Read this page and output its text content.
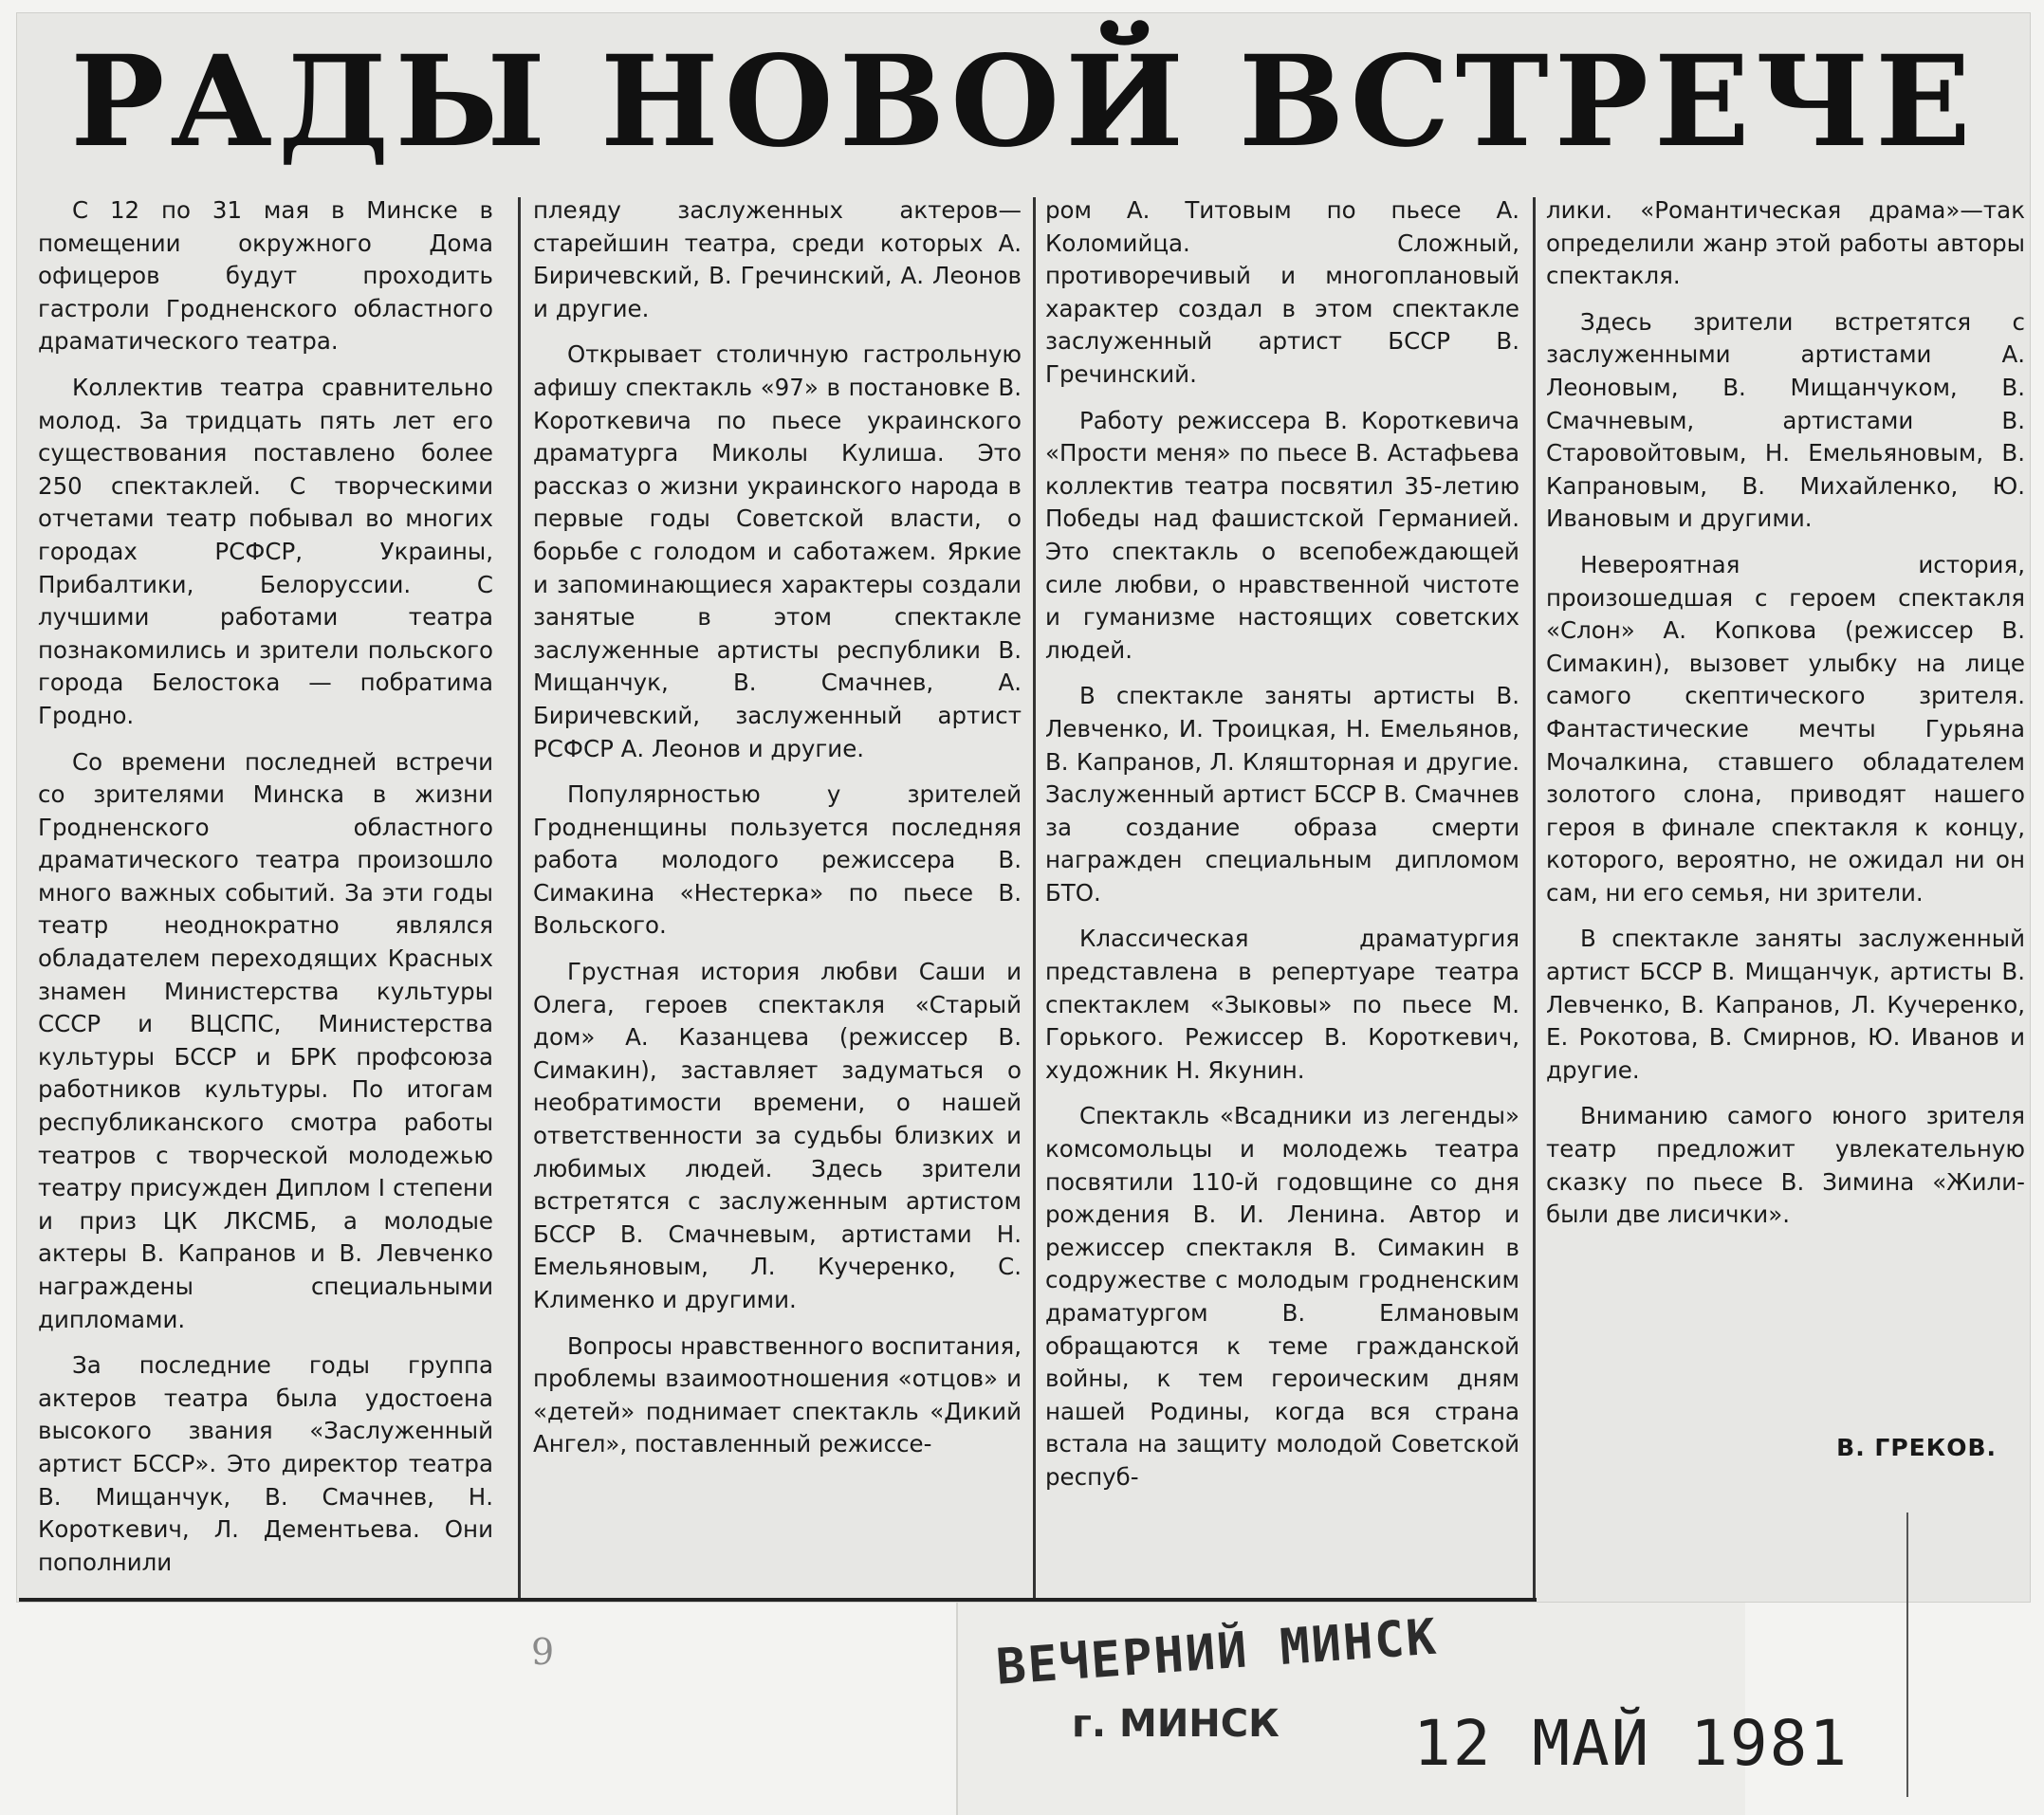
РАДЫ НОВОЙ ВСТРЕЧЕ

С 12 по 31 мая в Минске в помещении окружного Дома офицеров будут проходить гастроли Гродненского областного драматического театра.

Коллектив театра сравнительно молод. За тридцать пять лет его существования поставлено более 250 спектаклей. С творческими отчетами театр побывал во многих городах РСФСР, Украины, Прибалтики, Белоруссии. С лучшими работами театра познакомились и зрители польского города Белостока — побратима Гродно.

Со времени последней встречи со зрителями Минска в жизни Гродненского областного драматического театра произошло много важных событий. За эти годы театр неоднократно являлся обладателем переходящих Красных знамен Министерства культуры СССР и ВЦСПС, Министерства культуры БССР и БРК профсоюза работников культуры. По итогам республиканского смотра работы театров с творческой молодежью театру присужден Диплом I степени и приз ЦК ЛКСМБ, а молодые актеры В. Капранов и В. Левченко награждены специальными дипломами.

За последние годы группа актеров театра была удостоена высокого звания «Заслуженный артист БССР». Это директор театра В. Мищанчук, В. Смачнев, Н. Короткевич, Л. Дементьева. Они пополнили

плеяду заслуженных актеров—старейшин театра, среди которых А. Биричевский, В. Гречинский, А. Леонов и другие.

Открывает столичную гастрольную афишу спектакль «97» в постановке В. Короткевича по пьесе украинского драматурга Миколы Кулиша. Это рассказ о жизни украинского народа в первые годы Советской власти, о борьбе с голодом и саботажем. Яркие и запоминающиеся характеры создали занятые в этом спектакле заслуженные артисты республики В. Мищанчук, В. Смачнев, А. Биричевский, заслуженный артист РСФСР А. Леонов и другие.

Популярностью у зрителей Гродненщины пользуется последняя работа молодого режиссера В. Симакина «Нестерка» по пьесе В. Вольского.

Грустная история любви Саши и Олега, героев спектакля «Старый дом» А. Казанцева (режиссер В. Симакин), заставляет задуматься о необратимости времени, о нашей ответственности за судьбы близких и любимых людей. Здесь зрители встретятся с заслуженным артистом БССР В. Смачневым, артистами Н. Емельяновым, Л. Кучеренко, С. Клименко и другими.

Вопросы нравственного воспитания, проблемы взаимоотношения «отцов» и «детей» поднимает спектакль «Дикий Ангел», поставленный режиссе-

ром А. Титовым по пьесе А. Коломийца. Сложный, противоречивый и многоплановый характер создал в этом спектакле заслуженный артист БССР В. Гречинский.

Работу режиссера В. Короткевича «Прости меня» по пьесе В. Астафьева коллектив театра посвятил 35-летию Победы над фашистской Германией. Это спектакль о всепобеждающей силе любви, о нравственной чистоте и гуманизме настоящих советских людей.

В спектакле заняты артисты В. Левченко, И. Троицкая, Н. Емельянов, В. Капранов, Л. Кляшторная и другие. Заслуженный артист БССР В. Смачнев за создание образа смерти награжден специальным дипломом БТО.

Классическая драматургия представлена в репертуаре театра спектаклем «Зыковы» по пьесе М. Горького. Режиссер В. Короткевич, художник Н. Якунин.

Спектакль «Всадники из легенды» комсомольцы и молодежь театра посвятили 110-й годовщине со дня рождения В. И. Ленина. Автор и режиссер спектакля В. Симакин в содружестве с молодым гродненским драматургом В. Елмановым обращаются к теме гражданской войны, к тем героическим дням нашей Родины, когда вся страна встала на защиту молодой Советской респуб-

лики. «Романтическая драма»—так определили жанр этой работы авторы спектакля.

Здесь зрители встретятся с заслуженными артистами А. Леоновым, В. Мищанчуком, В. Смачневым, артистами В. Старовойтовым, Н. Емельяновым, В. Капрановым, В. Михайленко, Ю. Ивановым и другими.

Невероятная история, произошедшая с героем спектакля «Слон» А. Копкова (режиссер В. Симакин), вызовет улыбку на лице самого скептического зрителя. Фантастические мечты Гурьяна Мочалкина, ставшего обладателем золотого слона, приводят нашего героя в финале спектакля к концу, которого, вероятно, не ожидал ни он сам, ни его семья, ни зрители.

В спектакле заняты заслуженный артист БССР В. Мищанчук, артисты В. Левченко, В. Капранов, Л. Кучеренко, Е. Рокотова, В. Смирнов, Ю. Иванов и другие.

Вниманию самого юного зрителя театр предложит увлекательную сказку по пьесе В. Зимина «Жили-были две лисички».

В. ГРЕКОВ.
ВЕЧЕРНИЙ МИНСК
г. МИНСК	12 МАЙ 1981
9
